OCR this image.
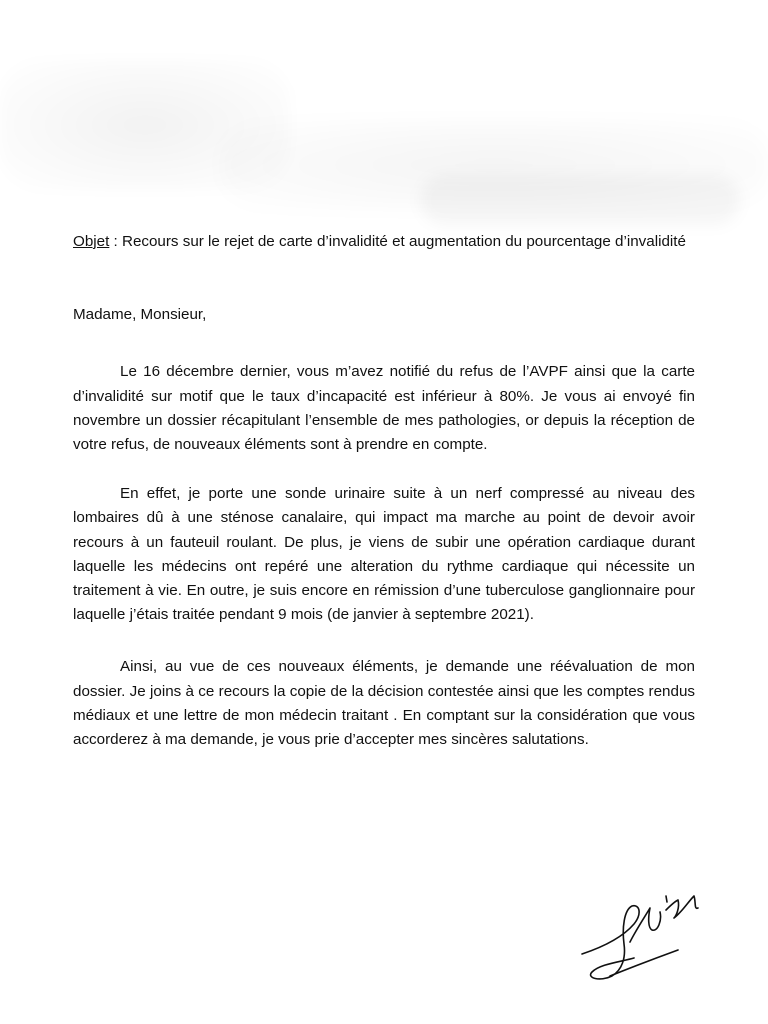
Objet : Recours sur le rejet de carte d’invalidité et augmentation du pourcentage d’invalidité

Madame, Monsieur,

Le 16 décembre dernier, vous m’avez notifié du refus de l’AVPF ainsi que la carte d’invalidité sur motif que le taux d’incapacité est inférieur à 80%. Je vous ai envoyé fin novembre un dossier récapitulant l’ensemble de mes pathologies, or depuis la réception de votre refus, de nouveaux éléments sont à prendre en compte.

En effet, je porte une sonde urinaire suite à un nerf compressé au niveau des lombaires dû à une sténose canalaire, qui impact ma marche au point de devoir avoir recours à un fauteuil roulant. De plus, je viens de subir une opération cardiaque durant laquelle les médecins ont repéré une alteration du rythme cardiaque qui nécessite un traitement à vie. En outre, je suis encore en rémission d’une tuberculose ganglionnaire pour laquelle j’étais traitée pendant 9 mois (de janvier à septembre 2021).

Ainsi, au vue de ces nouveaux éléments, je demande une réévaluation de mon dossier. Je joins à ce recours la copie de la décision contestée ainsi que les comptes rendus médiaux et une lettre de mon médecin traitant . En comptant sur la considération que vous accorderez à ma demande, je vous prie d’accepter mes sincères salutations.
